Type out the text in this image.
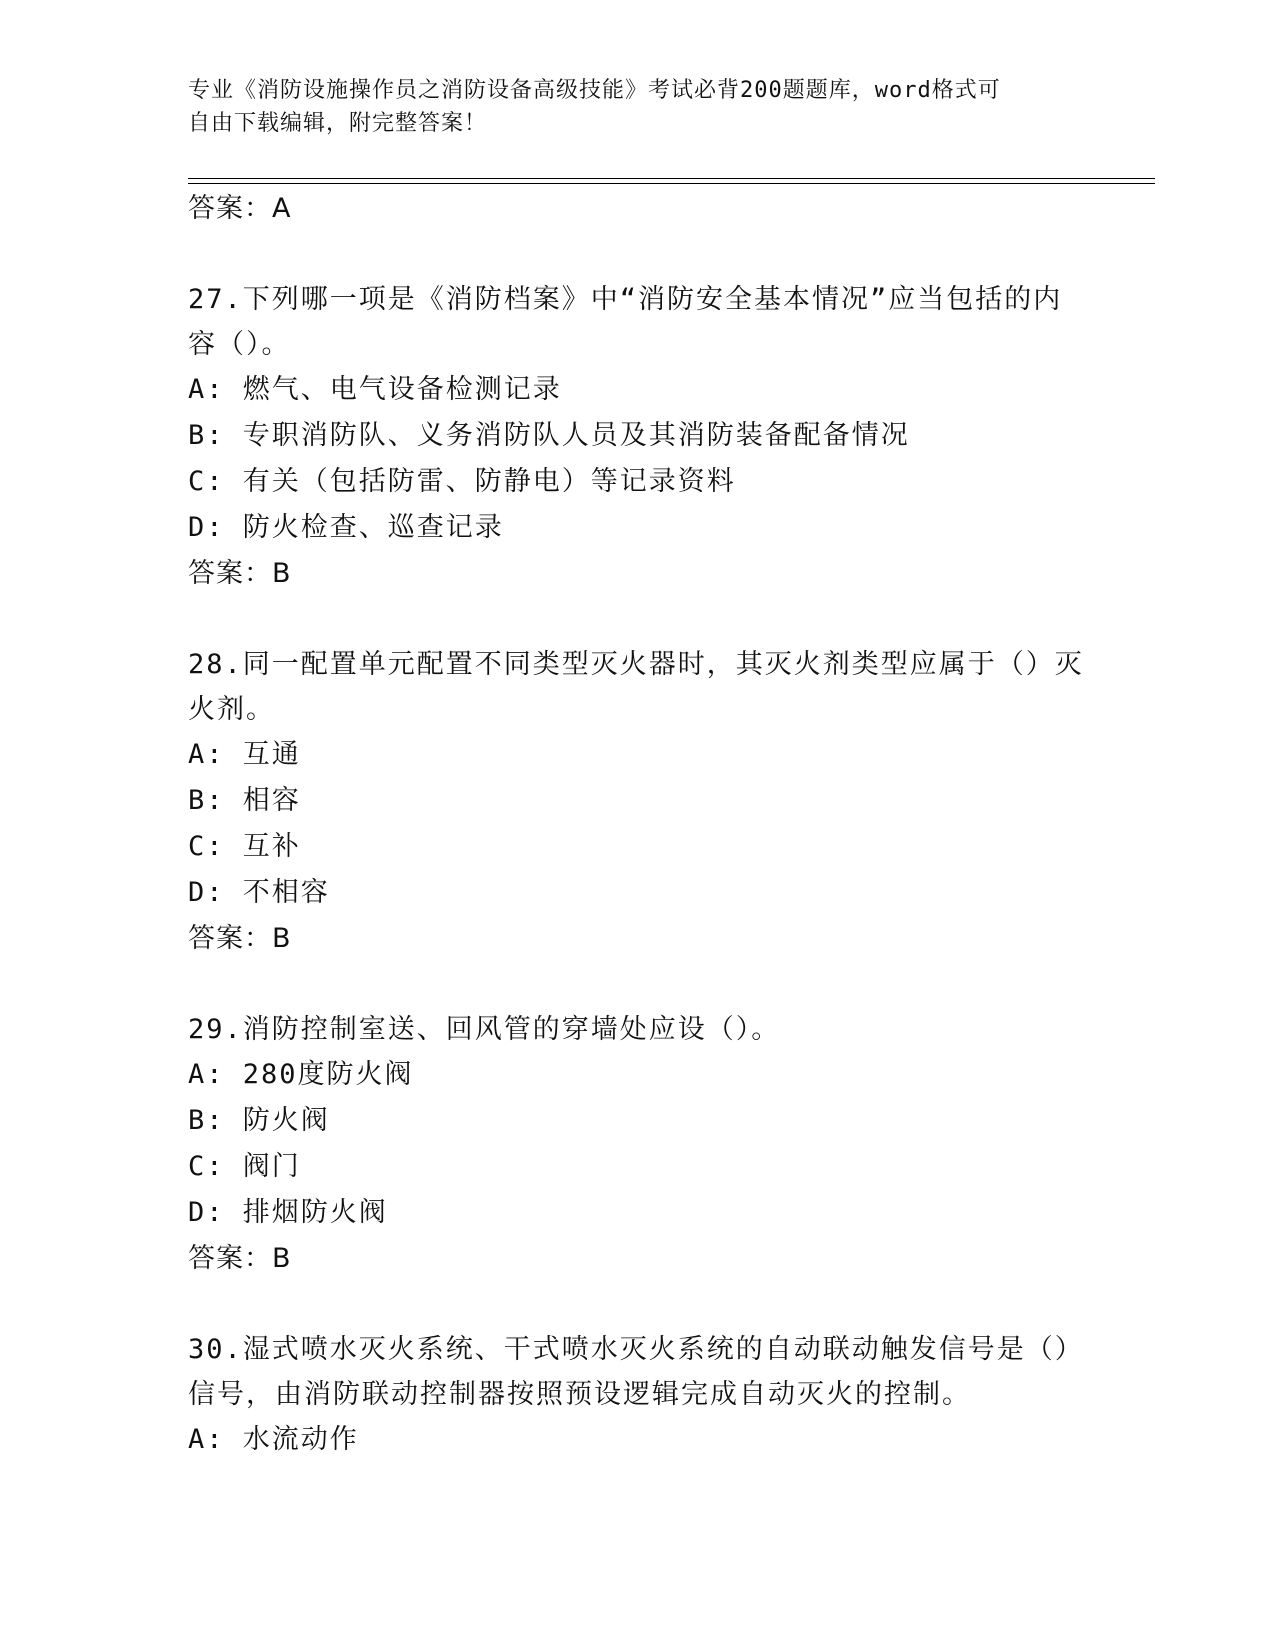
专业《消防设施操作员之消防设备高级技能》考试必背200题题库，word格式可
自由下载编辑，附完整答案！

答案：A

27.下列哪一项是《消防档案》中“消防安全基本情况”应当包括的内

容（）。

A: 燃气、电气设备检测记录

B: 专职消防队、义务消防队人员及其消防装备配备情况

C: 有关（包括防雷、防静电）等记录资料

D: 防火检查、巡查记录

答案：B

28.同一配置单元配置不同类型灭火器时，其灭火剂类型应属于（）灭

火剂。

A: 互通

B: 相容

C: 互补

D: 不相容

答案：B

29.消防控制室送、回风管的穿墙处应设（）。

A: 280度防火阀

B: 防火阀

C: 阀门

D: 排烟防火阀

答案：B

30.湿式喷水灭火系统、干式喷水灭火系统的自动联动触发信号是（）

信号，由消防联动控制器按照预设逻辑完成自动灭火的控制。

A: 水流动作
